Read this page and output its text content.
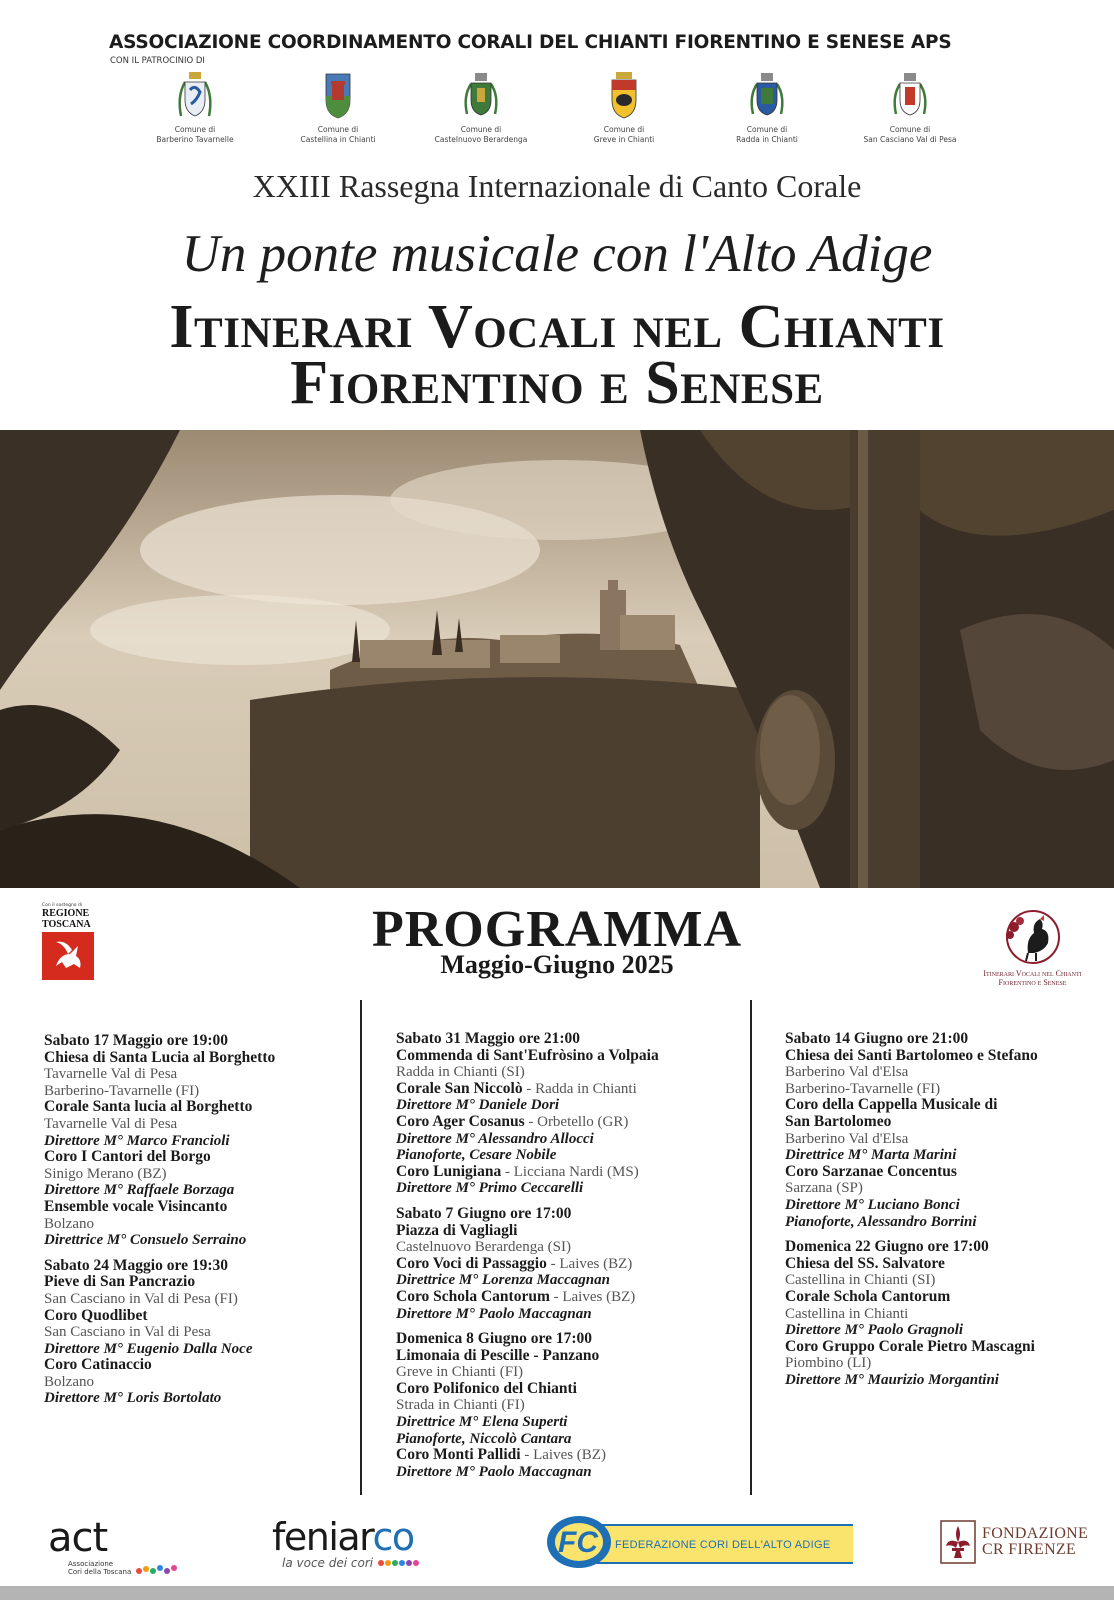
ASSOCIAZIONE COORDINAMENTO CORALI DEL CHIANTI FIORENTINO E SENESE APS
CON IL PATROCINIO DI
Comune di
Barberino Tavarnelle
Comune di
Castellina in Chianti
Comune di
Castelnuovo Berardenga
Comune di
Greve in Chianti
Comune di
Radda in Chianti
Comune di
San Casciano Val di Pesa
XXIII Rassegna Internazionale di Canto Corale
Un ponte musicale con l'Alto Adige
Itinerari Vocali nel Chianti
Fiorentino e Senese
Con il sostegno di
REGIONE
TOSCANA	PROGRAMMA
Maggio-Giugno 2025	Itinerari Vocali nel Chianti
Fiorentino e Senese
Sabato 17 Maggio ore 19:00
Chiesa di Santa Lucia al Borghetto
Tavarnelle Val di Pesa
Barberino-Tavarnelle (FI)
Corale Santa lucia al Borghetto
Tavarnelle Val di Pesa
Direttore M° Marco Francioli
Coro I Cantori del Borgo
Sinigo Merano (BZ)
Direttore M° Raffaele Borzaga
Ensemble vocale Visincanto
Bolzano
Direttrice M° Consuelo Serraino
Sabato 24 Maggio ore 19:30
Pieve di San Pancrazio
San Casciano in Val di Pesa (FI)
Coro Quodlibet
San Casciano in Val di Pesa
Direttore M° Eugenio Dalla Noce
Coro Catinaccio
Bolzano
Direttore M° Loris Bortolato
Sabato 31 Maggio ore 21:00
Commenda di Sant'Eufròsino a Volpaia
Radda in Chianti (SI)
Corale San Niccolò - Radda in Chianti
Direttore M° Daniele Dori
Coro Ager Cosanus - Orbetello (GR)
Direttore M° Alessandro Allocci
Pianoforte, Cesare Nobile
Coro Lunigiana - Licciana Nardi (MS)
Direttore M° Primo Ceccarelli
Sabato 7 Giugno ore 17:00
Piazza di Vagliagli
Castelnuovo Berardenga (SI)
Coro Voci di Passaggio - Laives (BZ)
Direttrice M° Lorenza Maccagnan
Coro Schola Cantorum - Laives (BZ)
Direttore M° Paolo Maccagnan
Domenica 8 Giugno ore 17:00
Limonaia di Pescille - Panzano
Greve in Chianti (FI)
Coro Polifonico del Chianti
Strada in Chianti (FI)
Direttrice M° Elena Superti
Pianoforte, Niccolò Cantara
Coro Monti Pallidi - Laives (BZ)
Direttore M° Paolo Maccagnan
Sabato 14 Giugno ore 21:00
Chiesa dei Santi Bartolomeo e Stefano
Barberino Val d'Elsa
Barberino-Tavarnelle (FI)
Coro della Cappella Musicale di
San Bartolomeo
Barberino Val d'Elsa
Direttrice M° Marta Marini
Coro Sarzanae Concentus
Sarzana (SP)
Direttore M° Luciano Bonci
Pianoforte, Alessandro Borrini
Domenica 22 Giugno ore 17:00
Chiesa del SS. Salvatore
Castellina in Chianti (SI)
Corale Schola Cantorum
Castellina in Chianti
Direttore M° Paolo Gragnoli
Coro Gruppo Corale Pietro Mascagni
Piombino (LI)
Direttore M° Maurizio Morgantini
act
Associazione
Cori della Toscana
feniarco
la voce dei cori
FC FEDERAZIONE CORI DELL'ALTO ADIGE
FONDAZIONE
CR FIRENZE
